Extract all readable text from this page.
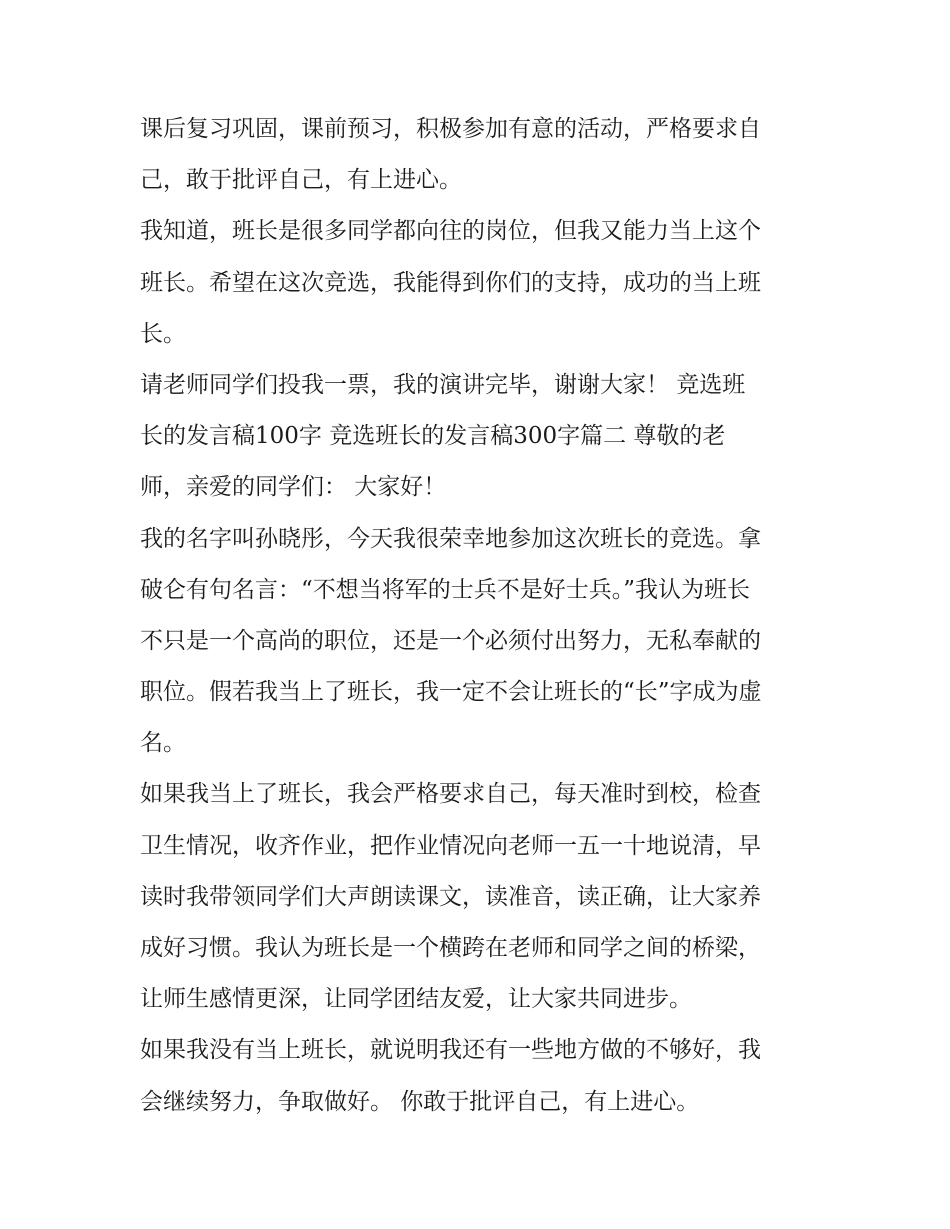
课后复习巩固，课前预习，积极参加有意的活动，严格要求自
己，敢于批评自己，有上进心。
我知道，班长是很多同学都向往的岗位，但我又能力当上这个
班长。希望在这次竞选，我能得到你们的支持，成功的当上班
长。
请老师同学们投我一票，我的演讲完毕，谢谢大家！ 竞选班
长的发言稿100字 竞选班长的发言稿300字篇二 尊敬的老
师，亲爱的同学们： 大家好！
我的名字叫孙晓彤，今天我很荣幸地参加这次班长的竞选。拿
破仑有句名言：“不想当将军的士兵不是好士兵。”我认为班长
不只是一个高尚的职位，还是一个必须付出努力，无私奉献的
职位。假若我当上了班长，我一定不会让班长的“长”字成为虚
名。
如果我当上了班长，我会严格要求自己，每天准时到校，检查
卫生情况，收齐作业，把作业情况向老师一五一十地说清，早
读时我带领同学们大声朗读课文，读准音，读正确，让大家养
成好习惯。我认为班长是一个横跨在老师和同学之间的桥梁，
让师生感情更深，让同学团结友爱，让大家共同进步。
如果我没有当上班长，就说明我还有一些地方做的不够好，我
会继续努力，争取做好。 你敢于批评自己，有上进心。
